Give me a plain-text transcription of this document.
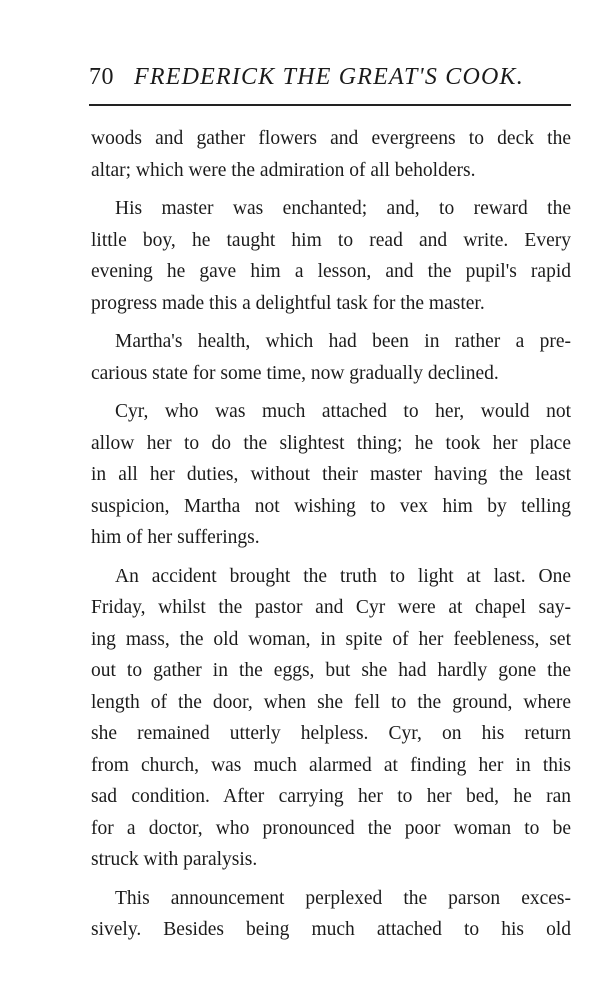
70 FREDERICK THE GREAT'S COOK.
woods and gather flowers and evergreens to deck the
altar; which were the admiration of all beholders.
His master was enchanted; and, to reward the
little boy, he taught him to read and write. Every
evening he gave him a lesson, and the pupil's rapid
progress made this a delightful task for the master.
Martha's health, which had been in rather a pre-
carious state for some time, now gradually declined.
Cyr, who was much attached to her, would not
allow her to do the slightest thing; he took her place
in all her duties, without their master having the least
suspicion, Martha not wishing to vex him by telling
him of her sufferings.
An accident brought the truth to light at last. One
Friday, whilst the pastor and Cyr were at chapel say-
ing mass, the old woman, in spite of her feebleness, set
out to gather in the eggs, but she had hardly gone the
length of the door, when she fell to the ground, where
she remained utterly helpless. Cyr, on his return
from church, was much alarmed at finding her in this
sad condition. After carrying her to her bed, he ran
for a doctor, who pronounced the poor woman to be
struck with paralysis.
This announcement perplexed the parson exces-
sively. Besides being much attached to his old
